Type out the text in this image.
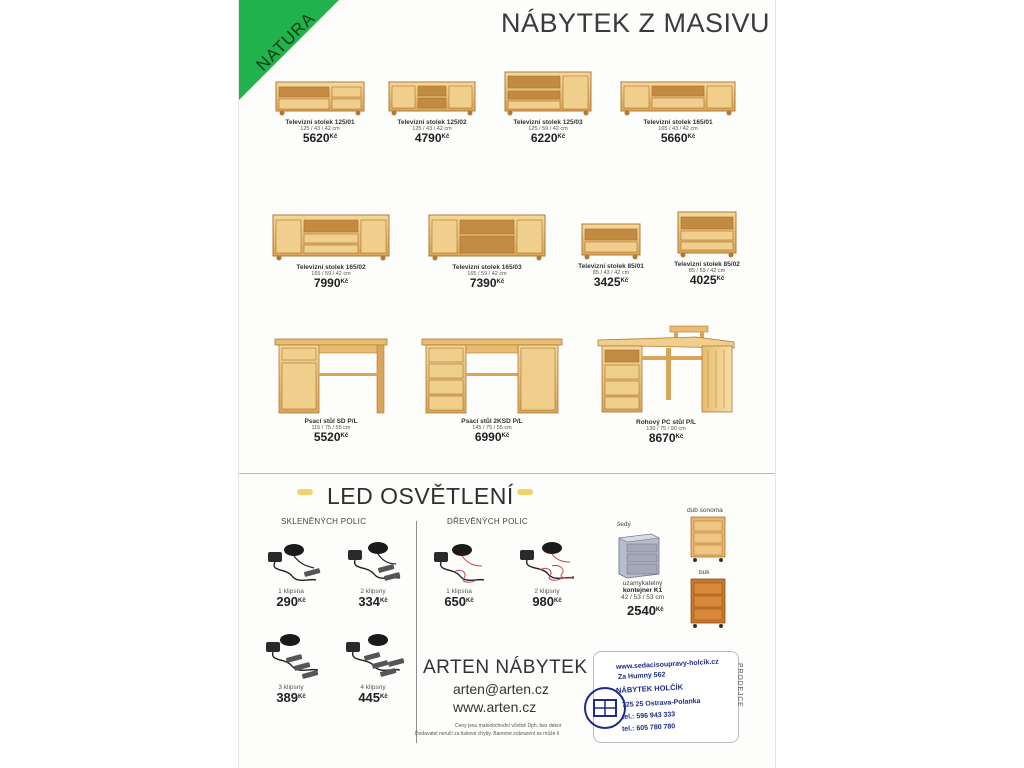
NATURA	NÁBYTEK Z MASIVU
Televizní stolek 125/01
125 / 43 / 42 cm
$5620^{Kč}$
Televizní stolek 125/02
125 / 43 / 42 cm
$4790^{Kč}$
Televizní stolek 125/03
125 / 59 / 42 cm
$6220^{Kč}$
Televizní stolek 165/01
165 / 43 / 42 cm
$5660^{Kč}$
Televizní stolek 165/02
165 / 59 / 42 cm
$7990^{Kč}$
Televizní stolek 165/03
165 / 59 / 42 cm
$7390^{Kč}$
Televizní stolek 85/01
85 / 43 / 42 cm
$3425^{Kč}$
Televizní stolek 85/02
85 / 59 / 42 cm
$4025^{Kč}$
Psací stůl SD P/L
115 / 75 / 55 cm
$5520^{Kč}$
Psací stůl 2KSD P/L
145 / 75 / 55 cm
$6990^{Kč}$
Rohový PC stůl P/L
130 / 75 / 90 cm
$8670^{Kč}$
LED OSVĚTLENÍ
SKLENĚNÝCH POLIC	DŘEVĚNÝCH POLIC
1 klipsna
$290^{Kč}$
2 klipsny
$334^{Kč}$
1 klipsna
$650^{Kč}$
2 klipsny
$980^{Kč}$
3 klipsny
$389^{Kč}$
4 klipsny
$445^{Kč}$
šedý
uzamykatelný
kontejner K1
42 / 53 / 53 cm
$2540^{Kč}$
dub sonoma
buk
ARTEN NÁBYTEK
arten@arten.cz
www.arten.cz
Ceny jsou maloobchodní včetně Dph, bez dekor
Dodavatel neručí za tiskové chyby. Barevné zobrazení se může li
NÁBYTEK HOLČÍK
www.sedacisoupravy-holcik.cz
Za Humny 562
725 25 Ostrava-Polanka
tel.: 596 943 333
tel.: 605 780 780
PRODEJCE
